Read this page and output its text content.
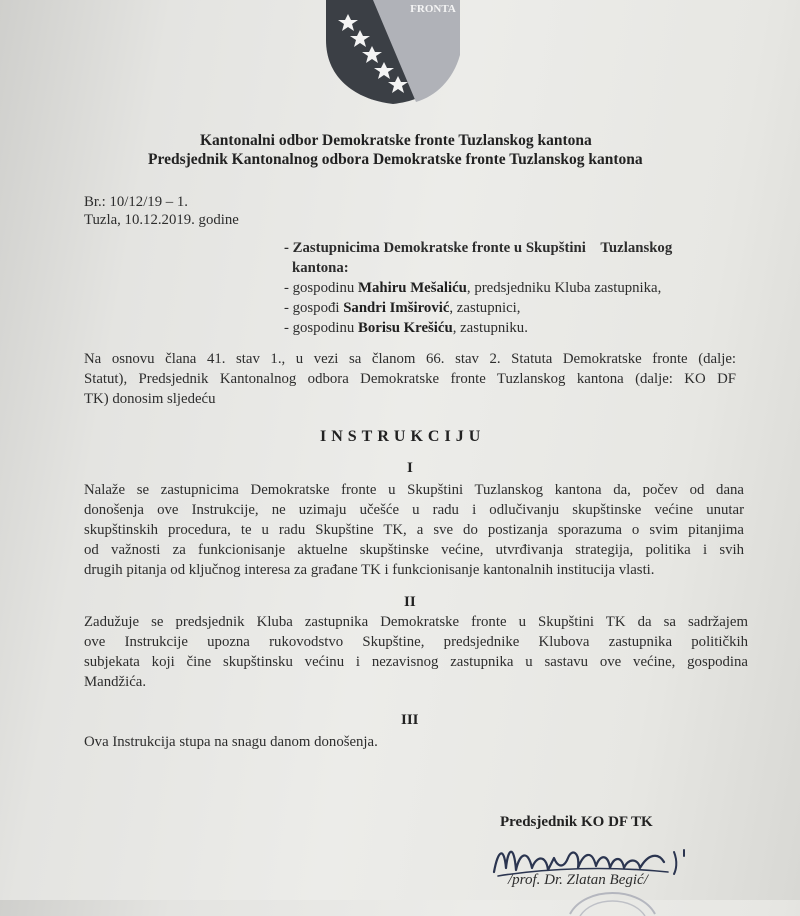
FRONTA
Kantonalni odbor Demokratske fronte Tuzlanskog kantona
Predsjednik Kantonalnog odbora Demokratske fronte Tuzlanskog kantona
Br.: 10/12/19 – 1.
Tuzla, 10.12.2019. godine
- Zastupnicima Demokratske fronte u Skupštini    Tuzlanskog
kantona:
- gospodinu Mahiru Mešaliću, predsjedniku Kluba zastupnika,
- gospođi Sandri Imširović, zastupnici,
- gospodinu Borisu Krešiću, zastupniku.
Na osnovu člana 41. stav 1., u vezi sa članom 66. stav 2. Statuta Demokratske fronte (dalje:
Statut), Predsjednik Kantonalnog odbora Demokratske fronte Tuzlanskog kantona (dalje: KO DF
TK) donosim sljedeću
INSTRUKCIJU
I
Nalaže se zastupnicima Demokratske fronte u Skupštini Tuzlanskog kantona da, počev od dana
donošenja ove Instrukcije, ne uzimaju učešće u radu i odlučivanju skupštinske većine unutar
skupštinskih procedura, te u radu Skupštine TK, a sve do postizanja sporazuma o svim pitanjima
od važnosti za funkcionisanje aktuelne skupštinske većine, utvrđivanja strategija, politika i svih
drugih pitanja od ključnog interesa za građane TK i funkcionisanje kantonalnih institucija vlasti.
II
Zadužuje se predsjednik Kluba zastupnika Demokratske fronte u Skupštini TK da sa sadržajem
ove Instrukcije upozna rukovodstvo Skupštine, predsjednike Klubova zastupnika političkih
subjekata koji čine skupštinsku većinu i nezavisnog zastupnika u sastavu ove većine, gospodina
Mandžića.
III
Ova Instrukcija stupa na snagu danom donošenja.
Predsjednik KO DF TK
/prof. Dr. Zlatan Begić/
